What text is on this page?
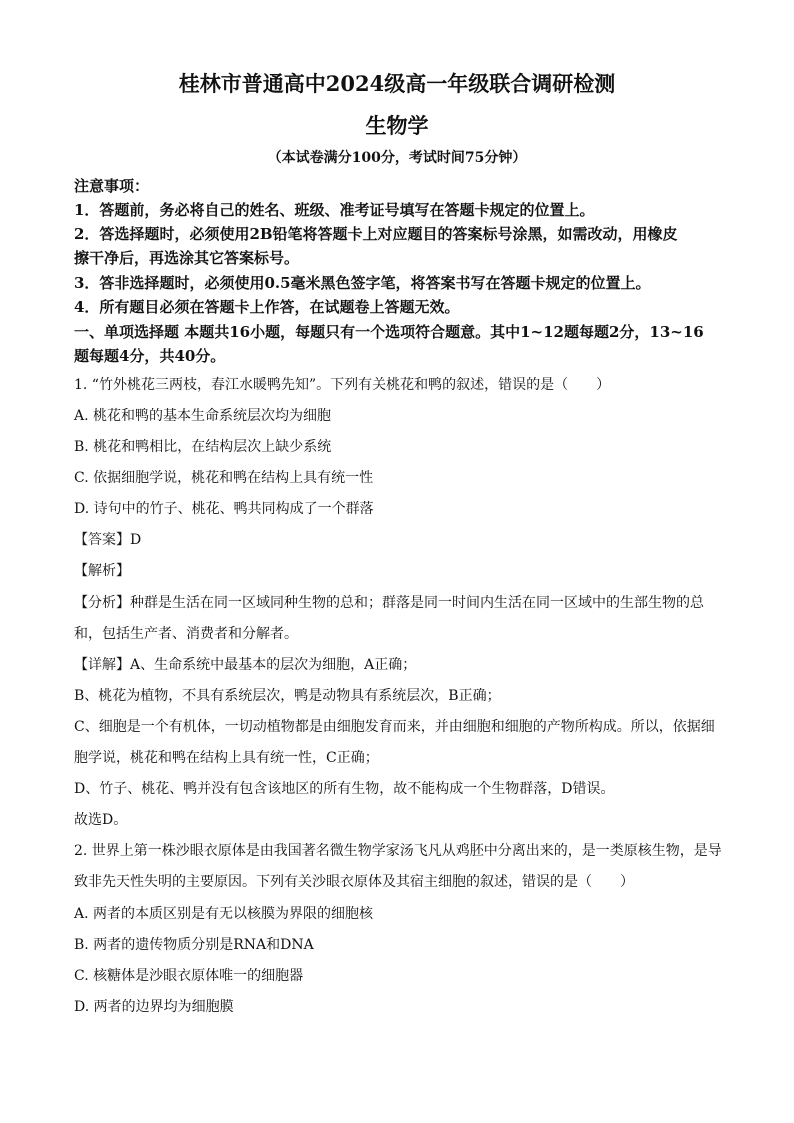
桂林市普通高中2024级高一年级联合调研检测
生物学
（本试卷满分100分，考试时间75分钟）
注意事项：
1．答题前，务必将自己的姓名、班级、准考证号填写在答题卡规定的位置上。
2．答选择题时，必须使用2B铅笔将答题卡上对应题目的答案标号涂黑，如需改动，用橡皮
擦干净后，再选涂其它答案标号。
3．答非选择题时，必须使用0.5毫米黑色签字笔，将答案书写在答题卡规定的位置上。
4．所有题目必须在答题卡上作答，在试题卷上答题无效。
一、单项选择题 本题共16小题，每题只有一个选项符合题意。其中1~12题每题2分，13~16
题每题4分，共40分。
1. “竹外桃花三两枝，春江水暖鸭先知”。下列有关桃花和鸭的叙述，错误的是（　　）
A. 桃花和鸭的基本生命系统层次均为细胞
B. 桃花和鸭相比，在结构层次上缺少系统
C. 依据细胞学说，桃花和鸭在结构上具有统一性
D. 诗句中的竹子、桃花、鸭共同构成了一个群落
【答案】D
【解析】
【分析】种群是生活在同一区域同种生物的总和；群落是同一时间内生活在同一区域中的生部生物的总
和，包括生产者、消费者和分解者。
【详解】A、生命系统中最基本的层次为细胞，A正确；
B、桃花为植物，不具有系统层次，鸭是动物具有系统层次，B正确；
C、细胞是一个有机体，一切动植物都是由细胞发育而来，并由细胞和细胞的产物所构成。所以，依据细
胞学说，桃花和鸭在结构上具有统一性，C正确；
D、竹子、桃花、鸭并没有包含该地区的所有生物，故不能构成一个生物群落，D错误。
故选D。
2. 世界上第一株沙眼衣原体是由我国著名微生物学家汤飞凡从鸡胚中分离出来的，是一类原核生物，是导
致非先天性失明的主要原因。下列有关沙眼衣原体及其宿主细胞的叙述，错误的是（　　）
A. 两者的本质区别是有无以核膜为界限的细胞核
B. 两者的遗传物质分别是RNA和DNA
C. 核糖体是沙眼衣原体唯一的细胞器
D. 两者的边界均为细胞膜
